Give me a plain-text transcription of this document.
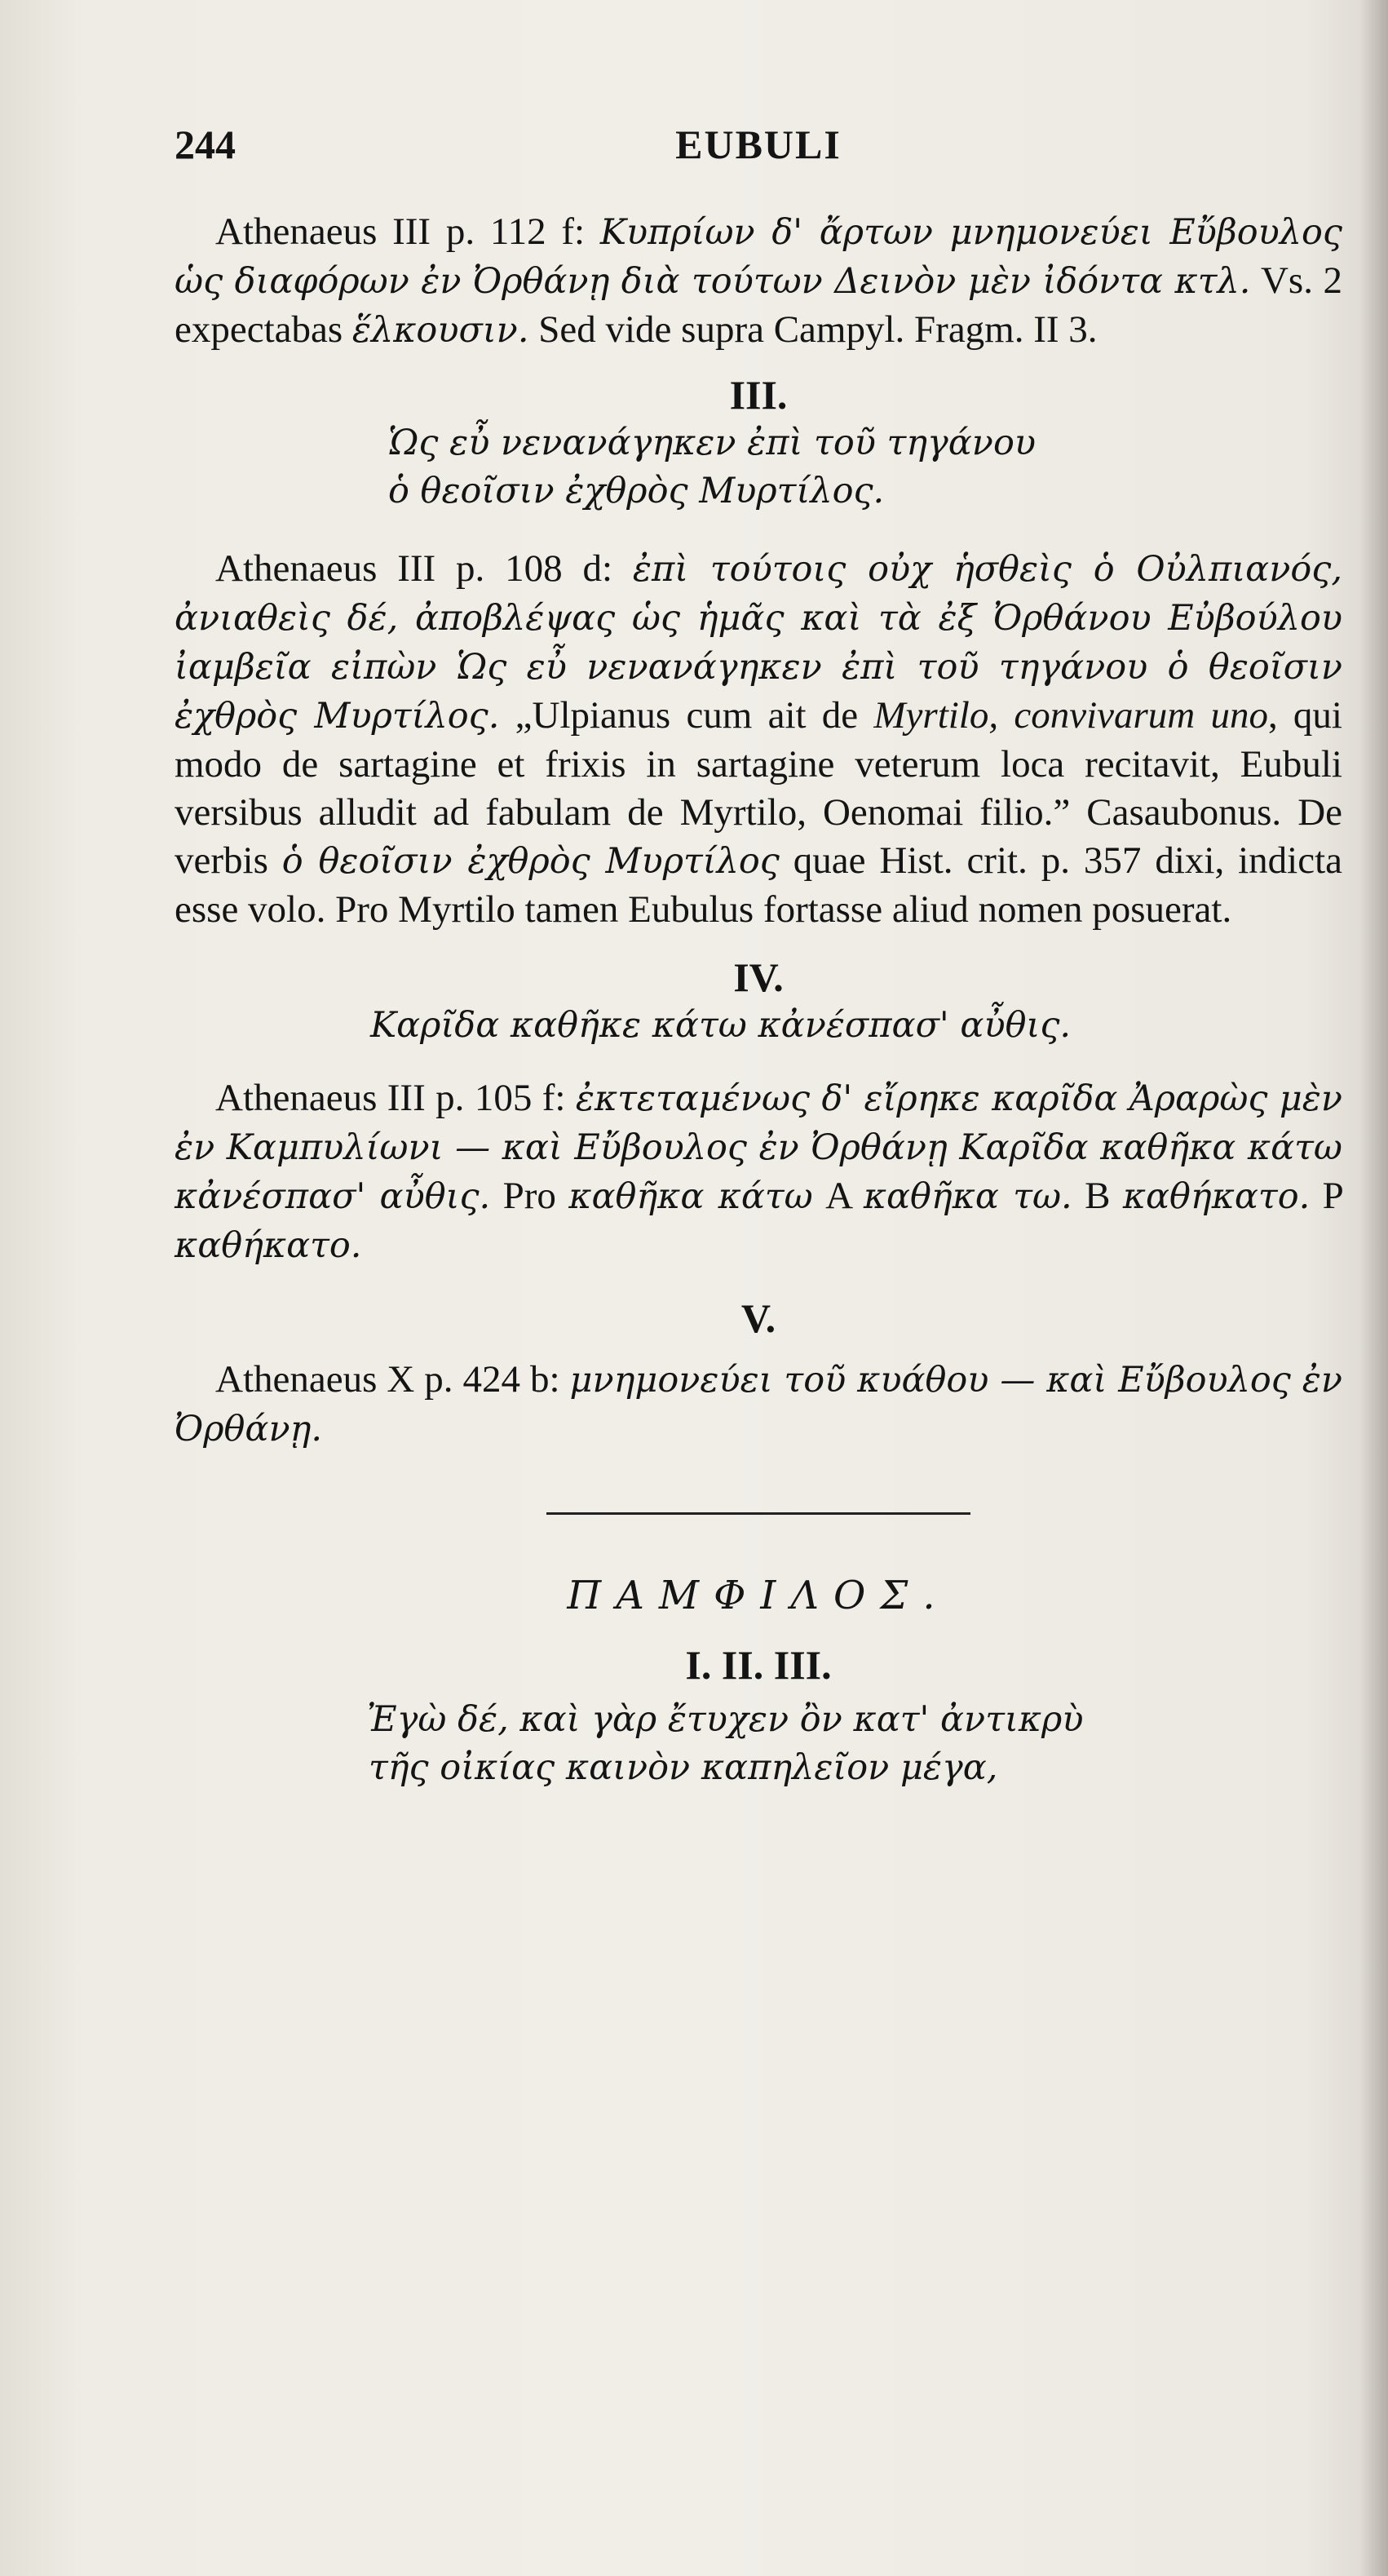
EUBULI
244

Athenaeus III p. 112 f: Κυπρίων δ' ἄρτων μνημονεύει Εὔβουλος ὡς διαφόρων ἐν Ὀρθάνῃ διὰ τούτων Δεινὸν μὲν ἰδόντα κτλ. Vs. 2 expectabas ἕλκουσιν. Sed vide supra Campyl. Fragm. II 3.

III.

Ὡς εὖ νενανάγηκεν ἐπὶ τοῦ τηγάνου

ὁ θεοῖσιν ἐχθρὸς Μυρτίλος.

Athenaeus III p. 108 d: ἐπὶ τούτοις οὐχ ἡσθεὶς ὁ Οὐλπιανός, ἀνιαθεὶς δέ, ἀποβλέψας ὡς ἡμᾶς καὶ τὰ ἐξ Ὀρθάνου Εὐβούλου ἰαμβεῖα εἰπὼν Ὡς εὖ νενανάγηκεν ἐπὶ τοῦ τηγάνου ὁ θεοῖσιν ἐχθρὸς Μυρτίλος. „Ulpianus cum ait de Myrtilo, convivarum uno, qui modo de sartagine et frixis in sartagine veterum loca recitavit, Eubuli versibus alludit ad fabulam de Myrtilo, Oenomai filio.” Casaubonus. De verbis ὁ θεοῖσιν ἐχθρὸς Μυρτίλος quae Hist. crit. p. 357 dixi, indicta esse volo. Pro Myrtilo tamen Eubulus fortasse aliud nomen posuerat.

IV.

Καρῖδα καθῆκε κάτω κἀνέσπασ' αὖθις.

Athenaeus III p. 105 f: ἐκτεταμένως δ' εἴρηκε καρῖδα Ἀραρὼς μὲν ἐν Καμπυλίωνι — καὶ Εὔβουλος ἐν Ὀρθάνῃ Καρῖδα καθῆκα κάτω κἀνέσπασ' αὖθις. Pro καθῆκα κάτω A καθῆκα τω. B καθήκατο. P καθήκατο.

V.

Athenaeus X p. 424 b: μνημονεύει τοῦ κυάθου — καὶ Εὔβουλος ἐν Ὀρθάνῃ.

ΠΑΜΦΙΛΟΣ.

I. II. III.

Ἐγὼ δέ, καὶ γὰρ ἔτυχεν ὂν κατ' ἀντικρὺ

τῆς οἰκίας καινὸν καπηλεῖον μέγα,
